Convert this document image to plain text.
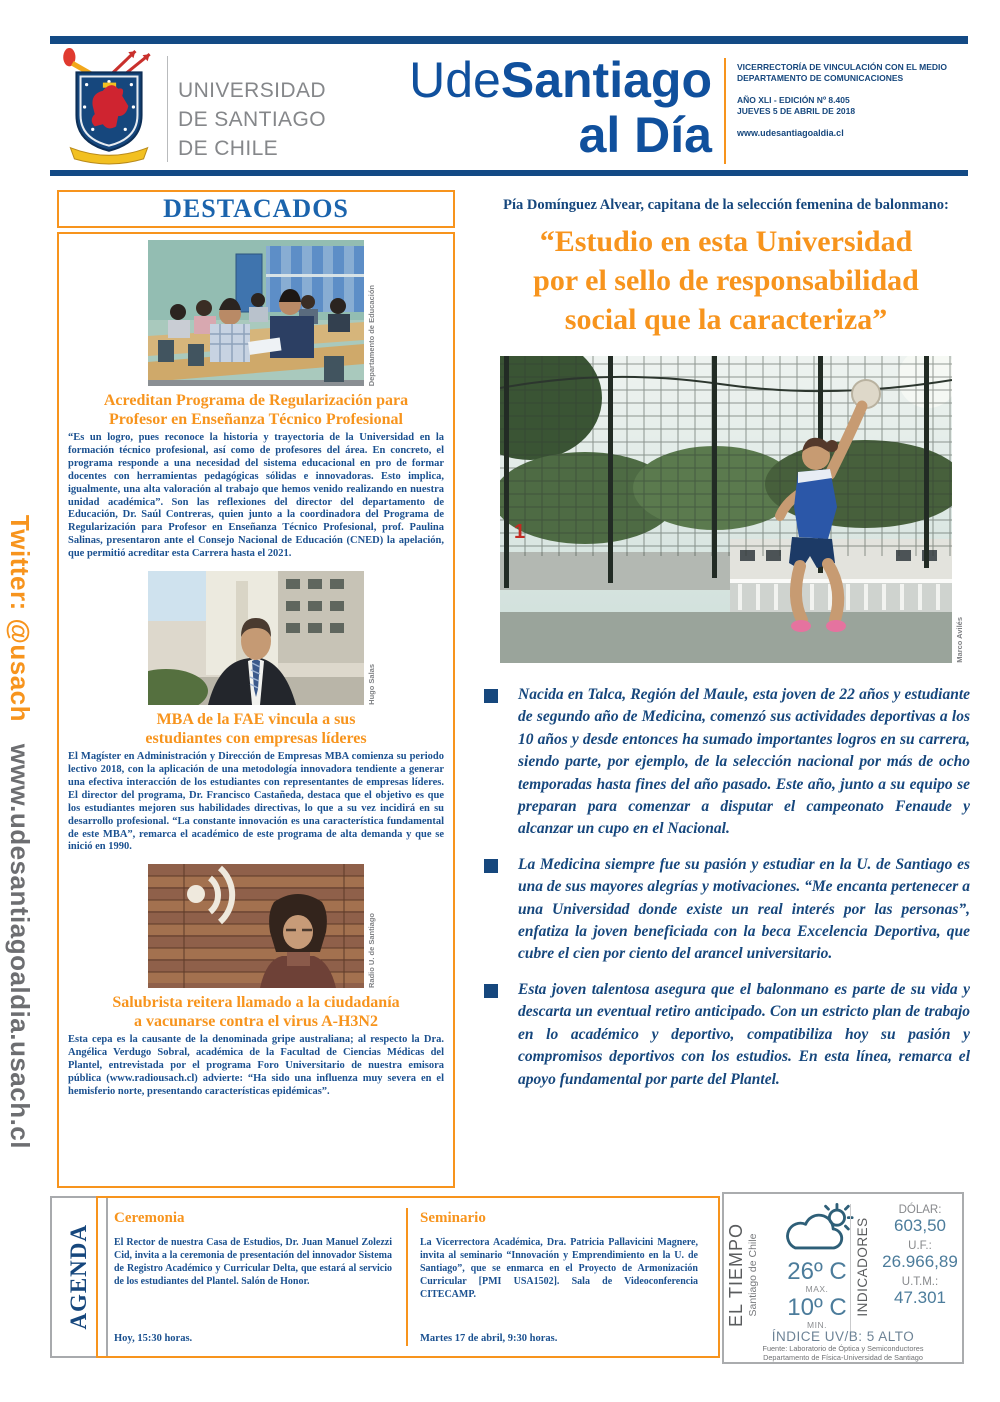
UNIVERSIDAD
DE SANTIAGO
DE CHILE
UdeSantiago
al Día
VICERRECTORÍA DE VINCULACIÓN CON EL MEDIO
DEPARTAMENTO DE COMUNICACIONES
AÑO XLI - EDICIÓN Nº 8.405
JUEVES 5 DE ABRIL DE 2018
www.udesantiagoaldia.cl
www.udesantiagoaldia.usach.cl Twitter: @usach
DESTACADOS
Departamento de Educación
Acreditan Programa de Regularización para
Profesor en Enseñanza Técnico Profesional

“Es un logro, pues reconoce la historia y trayectoria de la Universidad en la formación técnico profesional, así como de profesores del área. En concreto, el programa responde a una necesidad del sistema educacional en pro de formar docentes con herramientas pedagógicas sólidas e innovadoras. Esto implica, igualmente, una alta valoración al trabajo que hemos venido realizando en nuestra unidad académica”. Son las reflexiones del director del departamento de Educación, Dr. Saúl Contreras, quien junto a la coordinadora del Programa de Regularización para Profesor en Enseñanza Técnico Profesional, prof. Paulina Salinas, presentaron ante el Consejo Nacional de Educación (CNED) la apelación, que permitió acreditar esta Carrera hasta el 2021.

Hugo Salas
MBA de la FAE vincula a sus
estudiantes con empresas líderes

El Magíster en Administración y Dirección de Empresas MBA comienza su periodo lectivo 2018, con la aplicación de una metodología innovadora tendiente a generar una efectiva interacción de los estudiantes con representantes de empresas líderes. El director del programa, Dr. Francisco Castañeda, destaca que el objetivo es que los estudiantes mejoren sus habilidades directivas, lo que a su vez incidirá en su desarrollo profesional. “La constante innovación es una característica fundamental de este MBA”, remarca el académico de este programa de alta demanda y que se inició en 1990.

Radio U. de Santiago
Salubrista reitera llamado a la ciudadanía
a vacunarse contra el virus A-H3N2

Esta cepa es la causante de la denominada gripe australiana; al respecto la Dra. Angélica Verdugo Sobral, académica de la Facultad de Ciencias Médicas del Plantel, entrevistada por el programa Foro Universitario de nuestra emisora pública (www.radiousach.cl) advierte: “Ha sido una influenza muy severa en el hemisferio norte, presentando características epidémicas”.

Pía Domínguez Alvear, capitana de la selección femenina de balonmano:
“Estudio en esta Universidad
por el sello de responsabilidad
social que la caracteriza”
1
Marco Avilés

Nacida en Talca, Región del Maule, esta joven de 22 años y estudiante de segundo año de Medicina, comenzó sus actividades deportivas a los 10 años y desde entonces ha sumado importantes logros en su carrera, siendo parte, por ejemplo, de la selección nacional por más de ocho temporadas hasta fines del año pasado. Este año, junto a su equipo se preparan para comenzar a disputar el campeonato Fenaude y alcanzar un cupo en el Nacional.

La Medicina siempre fue su pasión y estudiar en la U. de Santiago es una de sus mayores alegrías y motivaciones. “Me encanta pertenecer a una Universidad donde existe un real interés por las personas”, enfatiza la joven beneficiada con la beca Excelencia Deportiva, que cubre el cien por ciento del arancel universitario.

Esta joven talentosa asegura que el balonmano es parte de su vida y descarta un eventual retiro anticipado. Con un estricto plan de trabajo en lo académico y deportivo, compatibiliza hoy su pasión y compromisos deportivos con los estudios. En esta línea, remarca el apoyo fundamental por parte del Plantel.

AGENDA
Ceremonia

El Rector de nuestra Casa de Estudios, Dr. Juan Manuel Zolezzi Cid, invita a la ceremonia de presentación del innovador Sistema de Registro Académico y Curricular Delta, que estará al servicio de los estudiantes del Plantel. Salón de Honor.

Hoy, 15:30 horas.
Seminario

La Vicerrectora Académica, Dra. Patricia Pallavicini Magnere, invita al seminario “Innovación y Emprendimiento en la U. de Santiago”, que se enmarca en el Proyecto de Armonización Curricular [PMI USA1502]. Sala de Videoconferencia CITECAMP.

Martes 17 de abril, 9:30 horas.
EL TIEMPO Santiago de Chile	26º C
MAX.
10º C
MIN.
INDICADORES
DÓLAR:
603,50
U.F.:
26.966,89
U.T.M.:
47.301
ÍNDICE UV/B: 5 ALTO
Fuente: Laboratorio de Óptica y Semiconductores
Departamento de Física-Universidad de Santiago
